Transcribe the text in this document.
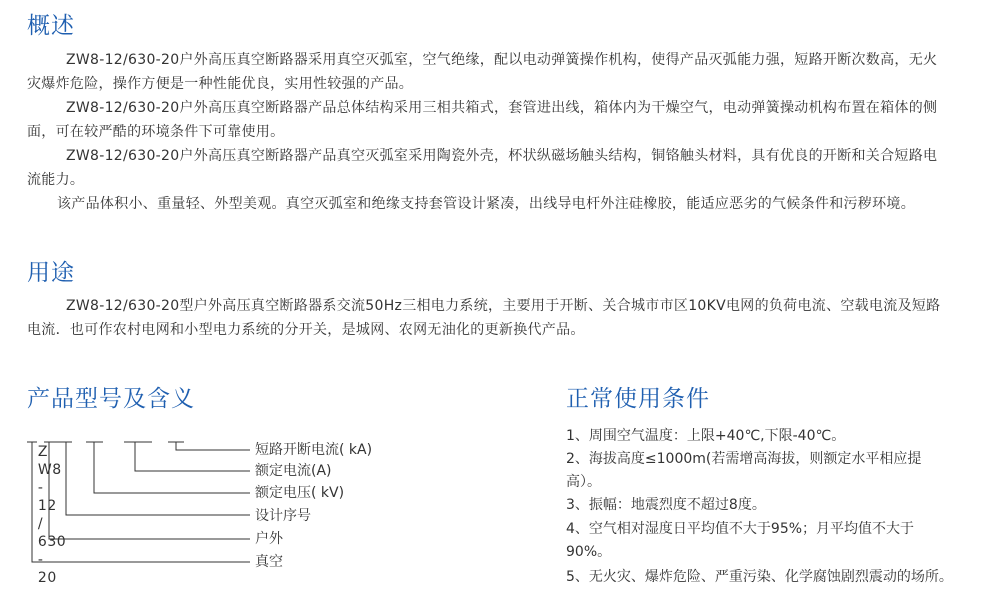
概述

ZW8-12/630-20户外高压真空断路器采用真空灭弧室，空气绝缘，配以电动弹簧操作机构，使得产品灭弧能力强，短路开断次数高，无火灾爆炸危险，操作方便是一种性能优良，实用性较强的产品。

ZW8-12/630-20户外高压真空断路器产品总体结构采用三相共箱式，套管进出线，箱体内为干燥空气，电动弹簧操动机构布置在箱体的侧面，可在较严酷的环境条件下可靠使用。

ZW8-12/630-20户外高压真空断路器产品真空灭弧室采用陶瓷外壳，杯状纵磁场触头结构，铜铬触头材料，具有优良的开断和关合短路电流能力。

该产品体积小、重量轻、外型美观。真空灭弧室和绝缘支持套管设计紧凑，出线导电杆外注硅橡胶，能适应恶劣的气候条件和污秽环境。

用途

ZW8-12/630-20型户外高压真空断路器系交流50Hz三相电力系统，主要用于开断、关合城市市区10KV电网的负荷电流、空载电流及短路电流．也可作农村电网和小型电力系统的分开关，是城网、农网无油化的更新换代产品。

产品型号及含义

Z
W8
-
12
/
630
-
20

短路开断电流( kA)
额定电流(A)
额定电压( kV)
设计序号
户外
真空
正常使用条件

1、周围空气温度：上限+40℃,下限-40℃。

2、海拔高度≤1000m(若需增高海拔，则额定水平相应提高）。

3、振幅：地震烈度不超过8度。

4、空气相对湿度日平均值不大于95%；月平均值不大于90%。

5、无火灾、爆炸危险、严重污染、化学腐蚀剧烈震动的场所。
